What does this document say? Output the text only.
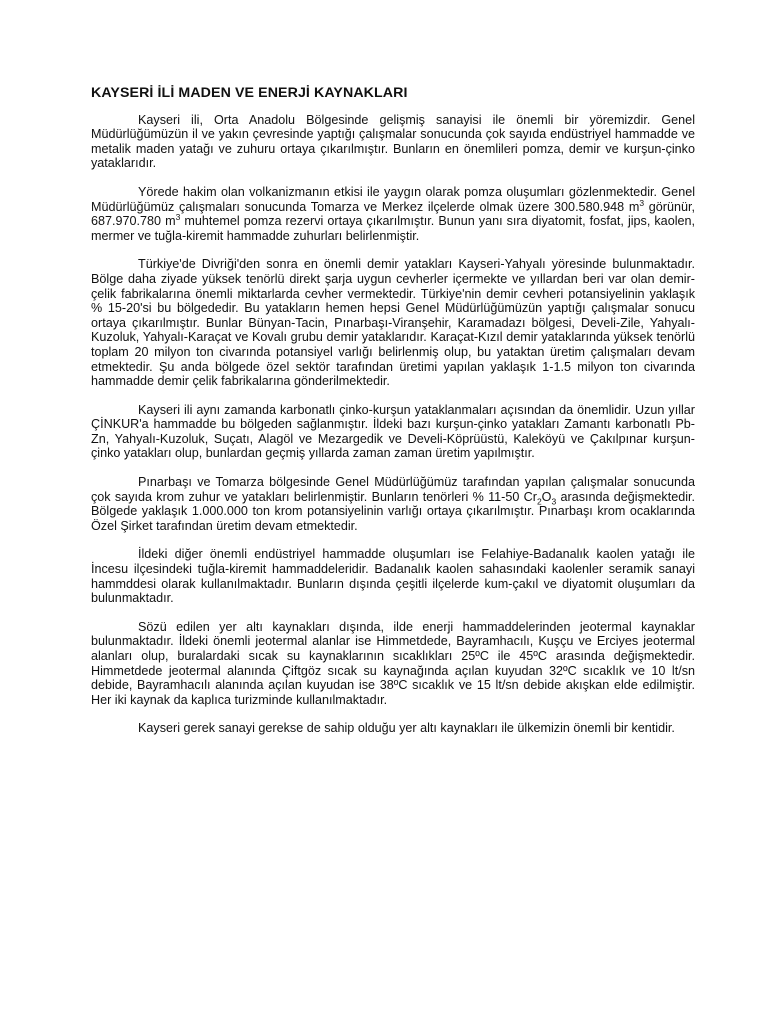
KAYSERİ İLİ MADEN VE ENERJİ KAYNAKLARI

Kayseri ili, Orta Anadolu Bölgesinde gelişmiş sanayisi ile önemli bir yöremizdir. Genel Müdürlüğümüzün il ve yakın çevresinde yaptığı çalışmalar sonucunda çok sayıda endüstriyel hammadde ve metalik maden yatağı ve zuhuru ortaya çıkarılmıştır. Bunların en önemlileri pomza, demir ve kurşun-çinko yataklarıdır.

Yörede hakim olan volkanizmanın etkisi ile yaygın olarak pomza oluşumları gözlenmektedir. Genel Müdürlüğümüz çalışmaları sonucunda Tomarza ve Merkez ilçelerde olmak üzere 300.580.948 $m^3$ görünür, 687.970.780 $m^3$ muhtemel pomza rezervi ortaya çıkarılmıştır. Bunun yanı sıra diyatomit, fosfat, jips, kaolen, mermer ve tuğla-kiremit hammadde zuhurları belirlenmiştir.

Türkiye'de Divriği'den sonra en önemli demir yatakları Kayseri-Yahyalı yöresinde bulunmaktadır. Bölge daha ziyade yüksek tenörlü direkt şarja uygun cevherler içermekte ve yıllardan beri var olan demir-çelik fabrikalarına önemli miktarlarda cevher vermektedir. Türkiye'nin demir cevheri potansiyelinin yaklaşık % 15-20'si bu bölgededir. Bu yatakların hemen hepsi Genel Müdürlüğümüzün yaptığı çalışmalar sonucu ortaya çıkarılmıştır. Bunlar Bünyan-Tacin, Pınarbaşı-Viranşehir, Karamadazı bölgesi, Develi-Zile, Yahyalı-Kuzoluk, Yahyalı-Karaçat ve Kovalı grubu demir yataklarıdır. Karaçat-Kızıl demir yataklarında yüksek tenörlü toplam 20 milyon ton civarında potansiyel varlığı belirlenmiş olup, bu yataktan üretim çalışmaları devam etmektedir. Şu anda bölgede özel sektör tarafından üretimi yapılan yaklaşık 1-1.5 milyon ton civarında hammadde demir çelik fabrikalarına gönderilmektedir.

Kayseri ili aynı zamanda karbonatlı çinko-kurşun yataklanmaları açısından da önemlidir. Uzun yıllar ÇİNKUR'a hammadde bu bölgeden sağlanmıştır. İldeki bazı kurşun-çinko yatakları Zamantı karbonatlı Pb-Zn, Yahyalı-Kuzoluk, Suçatı, Alagöl ve Mezargedik ve Develi-Köprüüstü, Kaleköyü ve Çakılpınar kurşun-çinko yatakları olup, bunlardan geçmiş yıllarda zaman zaman üretim yapılmıştır.

Pınarbaşı ve Tomarza bölgesinde Genel Müdürlüğümüz tarafından yapılan çalışmalar sonucunda çok sayıda krom zuhur ve yatakları belirlenmiştir. Bunların tenörleri % 11-50 $Cr_2O_3$ arasında değişmektedir. Bölgede yaklaşık 1.000.000 ton krom potansiyelinin varlığı ortaya çıkarılmıştır. Pınarbaşı krom ocaklarında Özel Şirket tarafından üretim devam etmektedir.

İldeki diğer önemli endüstriyel hammadde oluşumları ise Felahiye-Badanalık kaolen yatağı ile İncesu ilçesindeki tuğla-kiremit hammaddeleridir. Badanalık kaolen sahasındaki kaolenler seramik sanayi hammddesi olarak kullanılmaktadır. Bunların dışında çeşitli ilçelerde kum-çakıl ve diyatomit oluşumları da bulunmaktadır.

Sözü edilen yer altı kaynakları dışında, ilde enerji hammaddelerinden jeotermal kaynaklar bulunmaktadır. İldeki önemli jeotermal alanlar ise Himmetdede, Bayramhacılı, Kuşçu ve Erciyes jeotermal alanları olup, buralardaki sıcak su kaynaklarının sıcaklıkları 25ºC ile 45ºC arasında değişmektedir. Himmetdede jeotermal alanında Çiftgöz sıcak su kaynağında açılan kuyudan 32ºC sıcaklık ve 10 lt/sn debide, Bayramhacılı alanında açılan kuyudan ise 38ºC sıcaklık ve 15 lt/sn debide akışkan elde edilmiştir. Her iki kaynak da kaplıca turizminde kullanılmaktadır.

Kayseri gerek sanayi gerekse de sahip olduğu yer altı kaynakları ile ülkemizin önemli bir kentidir.
